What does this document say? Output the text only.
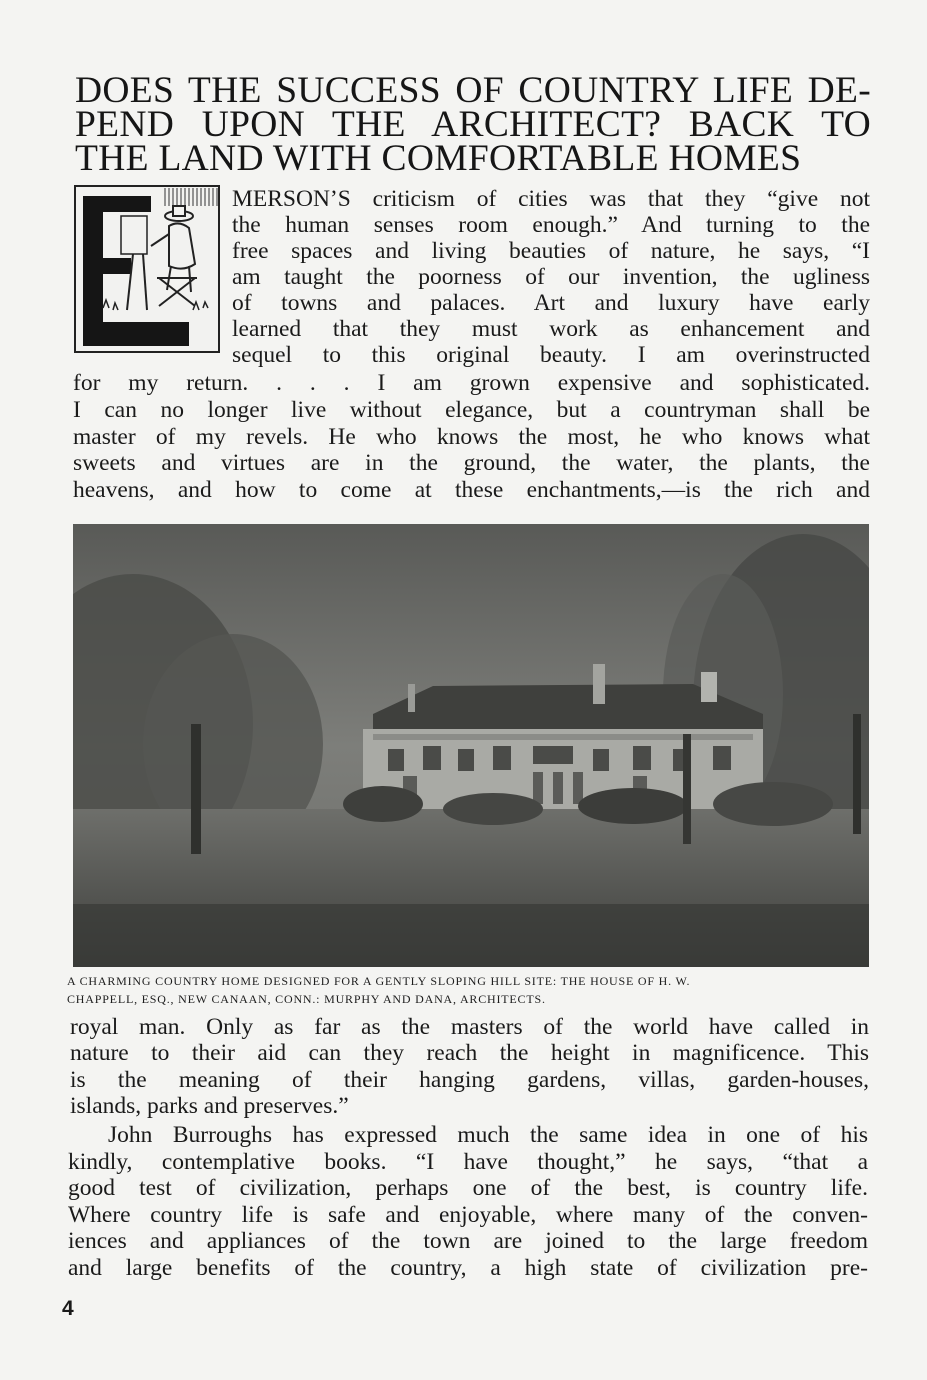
DOES THE SUCCESS OF COUNTRY LIFE DE-
PEND UPON THE ARCHITECT? BACK TO
THE LAND WITH COMFORTABLE HOMES
MERSON’S criticism of cities was that they “give not
the human senses room enough.” And turning to the
free spaces and living beauties of nature, he says, “I
am taught the poorness of our invention, the ugliness
of towns and palaces. Art and luxury have early
learned that they must work as enhancement and
sequel to this original beauty. I am overinstructed
for my return. . . . I am grown expensive and sophisticated.
I can no longer live without elegance, but a countryman shall be
master of my revels. He who knows the most, he who knows what
sweets and virtues are in the ground, the water, the plants, the
heavens, and how to come at these enchantments,—is the rich and
A CHARMING COUNTRY HOME DESIGNED FOR A GENTLY SLOPING HILL SITE: THE HOUSE OF H. W.
CHAPPELL, ESQ., NEW CANAAN, CONN.: MURPHY AND DANA, ARCHITECTS.
royal man. Only as far as the masters of the world have called in
nature to their aid can they reach the height in magnificence. This
is the meaning of their hanging gardens, villas, garden-houses,
islands, parks and preserves.”
John Burroughs has expressed much the same idea in one of his
kindly, contemplative books. “I have thought,” he says, “that a
good test of civilization, perhaps one of the best, is country life.
Where country life is safe and enjoyable, where many of the conven-
iences and appliances of the town are joined to the large freedom
and large benefits of the country, a high state of civilization pre-
4
